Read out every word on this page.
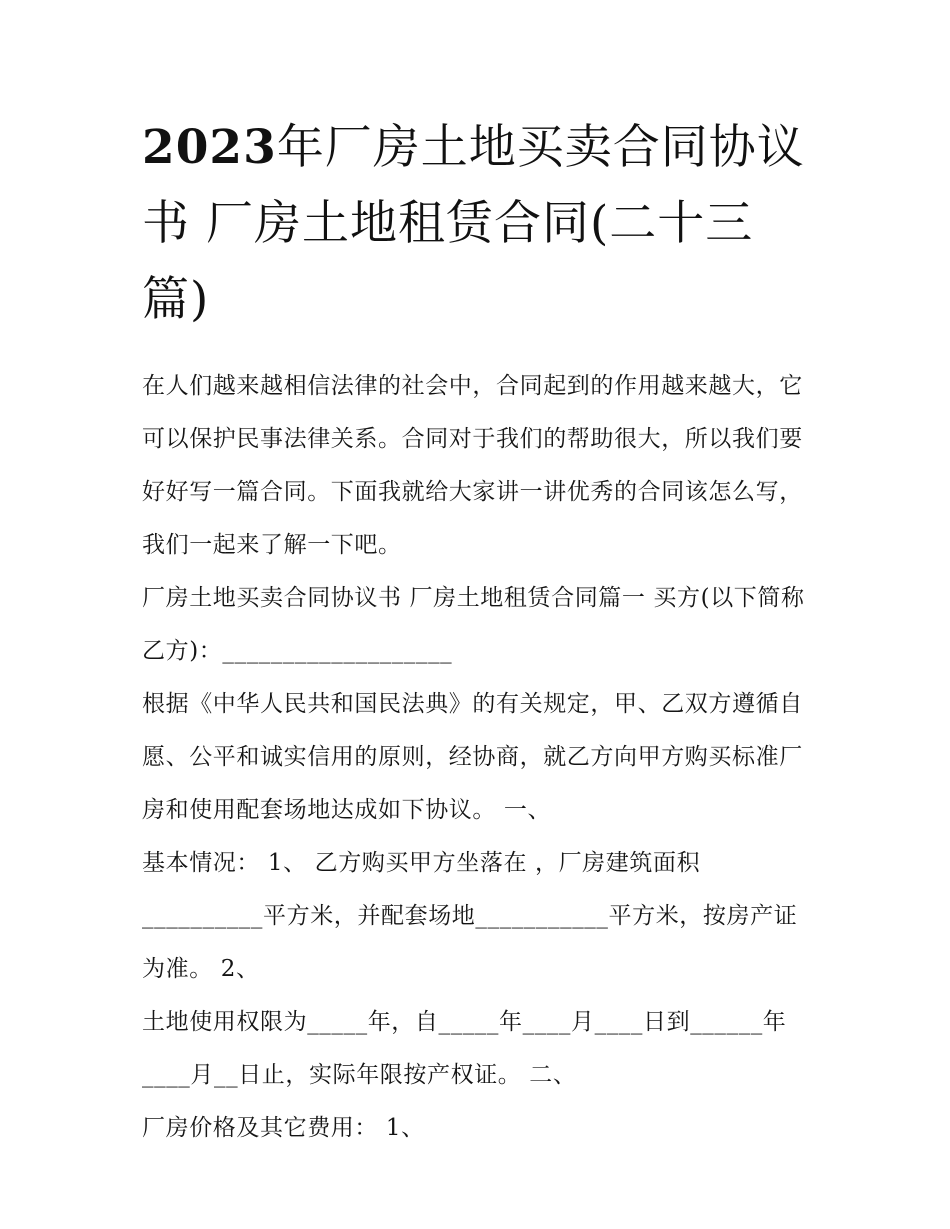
2023年厂房土地买卖合同协议书 厂房土地租赁合同(二十三篇)

在人们越来越相信法律的社会中，合同起到的作用越来越大，它可以保护民事法律关系。合同对于我们的帮助很大，所以我们要好好写一篇合同。下面我就给大家讲一讲优秀的合同该怎么写，我们一起来了解一下吧。

厂房土地买卖合同协议书 厂房土地租赁合同篇一 买方(以下简称乙方)：___________________

根据《中华人民共和国民法典》的有关规定，甲、乙双方遵循自愿、公平和诚实信用的原则，经协商，就乙方向甲方购买标准厂房和使用配套场地达成如下协议。 一、

基本情况： 1、 乙方购买甲方坐落在 ，厂房建筑面积__________平方米，并配套场地___________平方米，按房产证为准。 2、

土地使用权限为_____年，自_____年____月____日到______年____月__日止，实际年限按产权证。 二、

厂房价格及其它费用： 1、
